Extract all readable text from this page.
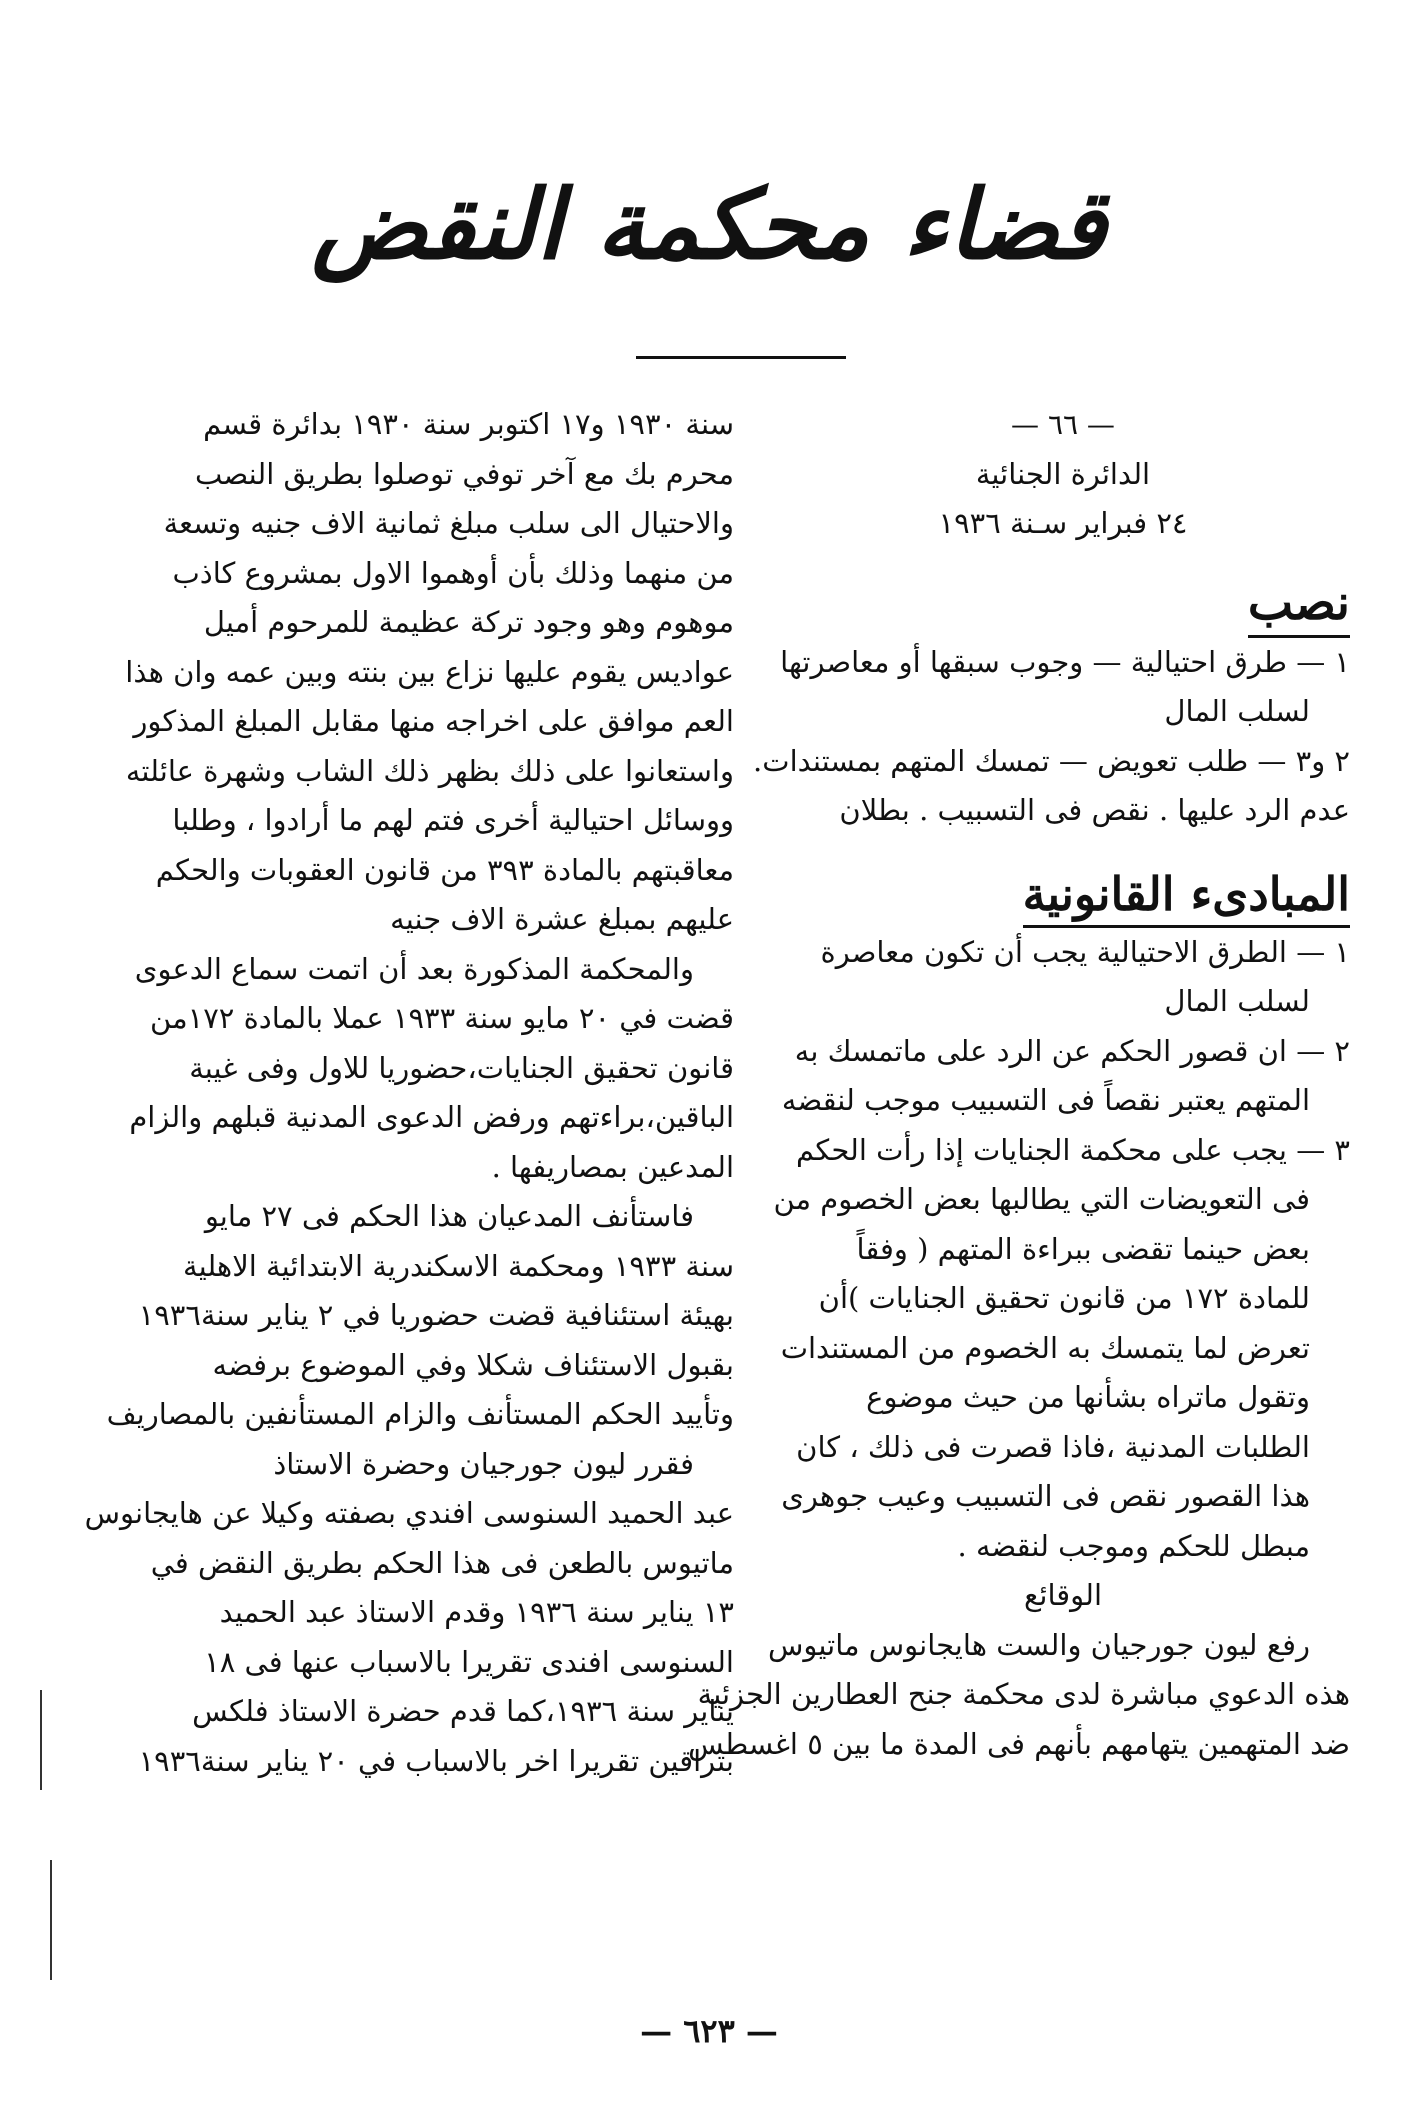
قضاء محكمة النقض
— ٦٦ —
الدائرة الجنائية
٢٤ فبراير سـنة ١٩٣٦
نصب
١ — طرق احتيالية — وجوب سبقها أو معاصرتها
لسلب المال
٢ و٣ — طلب تعويض — تمسك المتهم بمستندات.
عدم الرد عليها . نقص فى التسبيب . بطلان
المبادىء القانونية
١ — الطرق الاحتيالية يجب أن تكون معاصرة
لسلب المال
٢ — ان قصور الحكم عن الرد على ماتمسك به
المتهم يعتبر نقصاً فى التسبيب موجب لنقضه
٣ — يجب على محكمة الجنايات إذا رأت الحكم
فى التعويضات التي يطالبها بعض الخصوم من
بعض حينما تقضى ببراءة المتهم ( وفقاً
للمادة ١٧٢ من قانون تحقيق الجنايات )أن
تعرض لما يتمسك به الخصوم من المستندات
وتقول ماتراه بشأنها من حيث موضوع
الطلبات المدنية ،فاذا قصرت فى ذلك ، كان
هذا القصور نقص فى التسبيب وعيب جوهرى
مبطل للحكم وموجب لنقضه .
الوقائع
رفع ليون جورجيان والست هايجانوس ماتيوس
هذه الدعوي مباشرة لدى محكمة جنح العطارين الجزئية
ضد المتهمين يتهامهم بأنهم فى المدة ما بين ٥ اغسطس
سنة ١٩٣٠ و١٧ اكتوبر سنة ١٩٣٠ بدائرة قسم
محرم بك مع آخر توفي توصلوا بطريق النصب
والاحتيال الى سلب مبلغ ثمانية الاف جنيه وتسعة
من منهما وذلك بأن أوهموا الاول بمشروع كاذب
موهوم وهو وجود تركة عظيمة للمرحوم أميل
عواديس يقوم عليها نزاع بين بنته وبين عمه وان هذا
العم موافق على اخراجه منها مقابل المبلغ المذكور
واستعانوا على ذلك بظهر ذلك الشاب وشهرة عائلته
ووسائل احتيالية أخرى فتم لهم ما أرادوا ، وطلبا
معاقبتهم بالمادة ٣٩٣ من قانون العقوبات والحكم
عليهم بمبلغ عشرة الاف جنيه
والمحكمة المذكورة بعد أن اتمت سماع الدعوى
قضت في ٢٠ مايو سنة ١٩٣٣ عملا بالمادة ١٧٢من
قانون تحقيق الجنايات،حضوريا للاول وفى غيبة
الباقين،براءتهم ورفض الدعوى المدنية قبلهم والزام
المدعين بمصاريفها .
فاستأنف المدعيان هذا الحكم فى ٢٧ مايو
سنة ١٩٣٣ ومحكمة الاسكندرية الابتدائية الاهلية
بهيئة استئنافية قضت حضوريا في ٢ يناير سنة١٩٣٦
بقبول الاستئناف شكلا وفي الموضوع برفضه
وتأييد الحكم المستأنف والزام المستأنفين بالمصاريف
فقرر ليون جورجيان وحضرة الاستاذ
عبد الحميد السنوسى افندي بصفته وكيلا عن هايجانوس
ماتيوس بالطعن فى هذا الحكم بطريق النقض في
١٣ يناير سنة ١٩٣٦ وقدم الاستاذ عبد الحميد
السنوسى افندى تقريرا بالاسباب عنها فى ١٨
يناير سنة ١٩٣٦،كما قدم حضرة الاستاذ فلكس
بتراقين تقريرا اخر بالاسباب في ٢٠ يناير سنة١٩٣٦
— ٦٢٣ —
